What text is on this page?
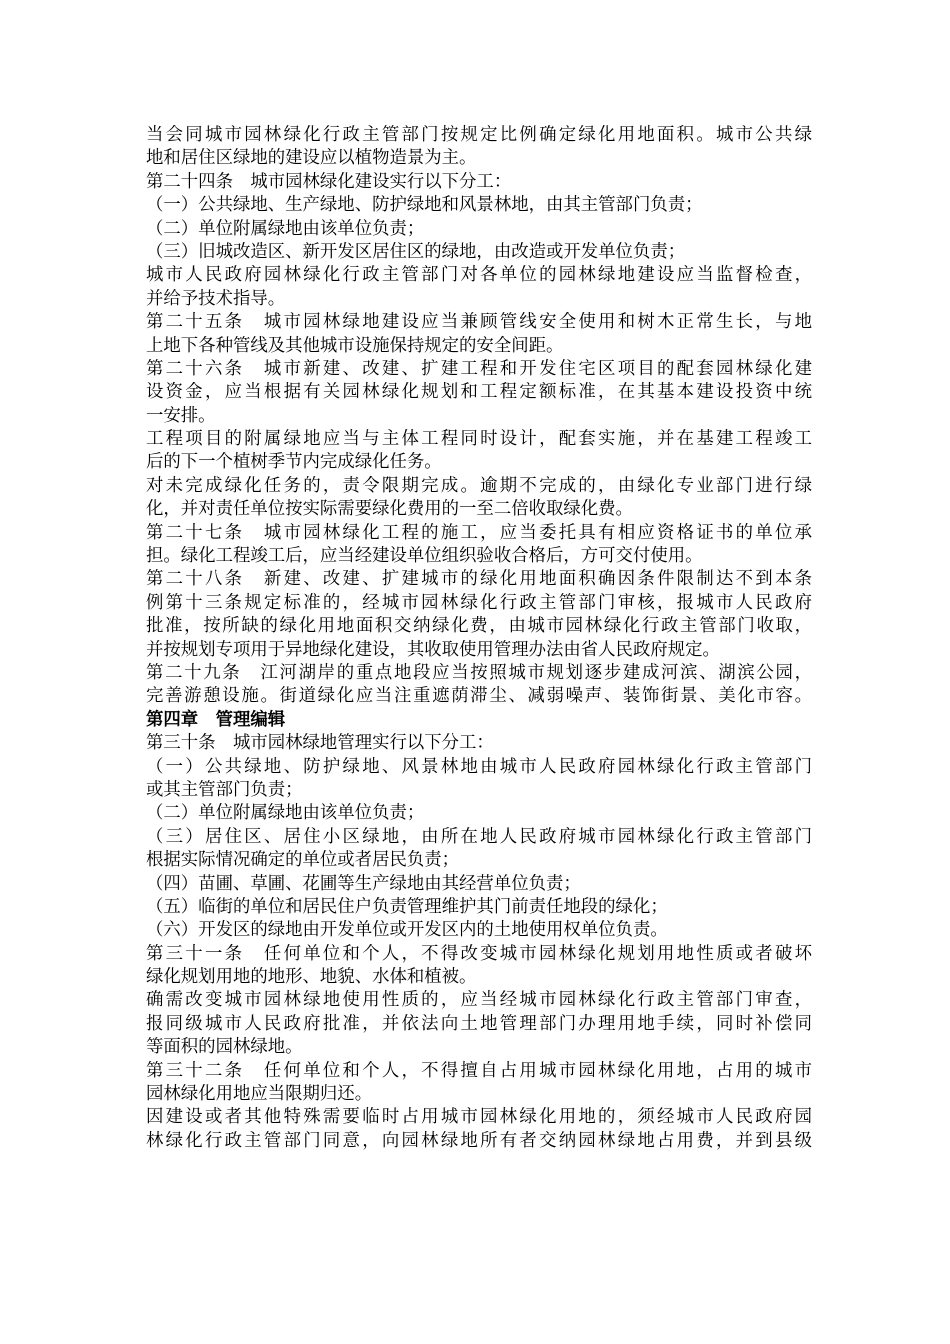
当会同城市园林绿化行政主管部门按规定比例确定绿化用地面积。城市公共绿
地和居住区绿地的建设应以植物造景为主。
第二十四条　城市园林绿化建设实行以下分工：
（一）公共绿地、生产绿地、防护绿地和风景林地，由其主管部门负责；
（二）单位附属绿地由该单位负责；
（三）旧城改造区、新开发区居住区的绿地，由改造或开发单位负责；
城市人民政府园林绿化行政主管部门对各单位的园林绿地建设应当监督检查，
并给予技术指导。
第二十五条　城市园林绿地建设应当兼顾管线安全使用和树木正常生长，与地
上地下各种管线及其他城市设施保持规定的安全间距。
第二十六条　城市新建、改建、扩建工程和开发住宅区项目的配套园林绿化建
设资金，应当根据有关园林绿化规划和工程定额标准，在其基本建设投资中统
一安排。
工程项目的附属绿地应当与主体工程同时设计，配套实施，并在基建工程竣工
后的下一个植树季节内完成绿化任务。
对未完成绿化任务的，责令限期完成。逾期不完成的，由绿化专业部门进行绿
化，并对责任单位按实际需要绿化费用的一至二倍收取绿化费。
第二十七条　城市园林绿化工程的施工，应当委托具有相应资格证书的单位承
担。绿化工程竣工后，应当经建设单位组织验收合格后，方可交付使用。
第二十八条　新建、改建、扩建城市的绿化用地面积确因条件限制达不到本条
例第十三条规定标准的，经城市园林绿化行政主管部门审核，报城市人民政府
批准，按所缺的绿化用地面积交纳绿化费，由城市园林绿化行政主管部门收取，
并按规划专项用于异地绿化建设，其收取使用管理办法由省人民政府规定。
第二十九条　江河湖岸的重点地段应当按照城市规划逐步建成河滨、湖滨公园，
完善游憩设施。街道绿化应当注重遮荫滞尘、减弱噪声、装饰街景、美化市容。
第四章　管理编辑
第三十条　城市园林绿地管理实行以下分工：
（一）公共绿地、防护绿地、风景林地由城市人民政府园林绿化行政主管部门
或其主管部门负责；
（二）单位附属绿地由该单位负责；
（三）居住区、居住小区绿地，由所在地人民政府城市园林绿化行政主管部门
根据实际情况确定的单位或者居民负责；
（四）苗圃、草圃、花圃等生产绿地由其经营单位负责；
（五）临街的单位和居民住户负责管理维护其门前责任地段的绿化；
（六）开发区的绿地由开发单位或开发区内的土地使用权单位负责。
第三十一条　任何单位和个人，不得改变城市园林绿化规划用地性质或者破坏
绿化规划用地的地形、地貌、水体和植被。
确需改变城市园林绿地使用性质的，应当经城市园林绿化行政主管部门审查，
报同级城市人民政府批准，并依法向土地管理部门办理用地手续，同时补偿同
等面积的园林绿地。
第三十二条　任何单位和个人，不得擅自占用城市园林绿化用地，占用的城市
园林绿化用地应当限期归还。
因建设或者其他特殊需要临时占用城市园林绿化用地的，须经城市人民政府园
林绿化行政主管部门同意，向园林绿地所有者交纳园林绿地占用费，并到县级
